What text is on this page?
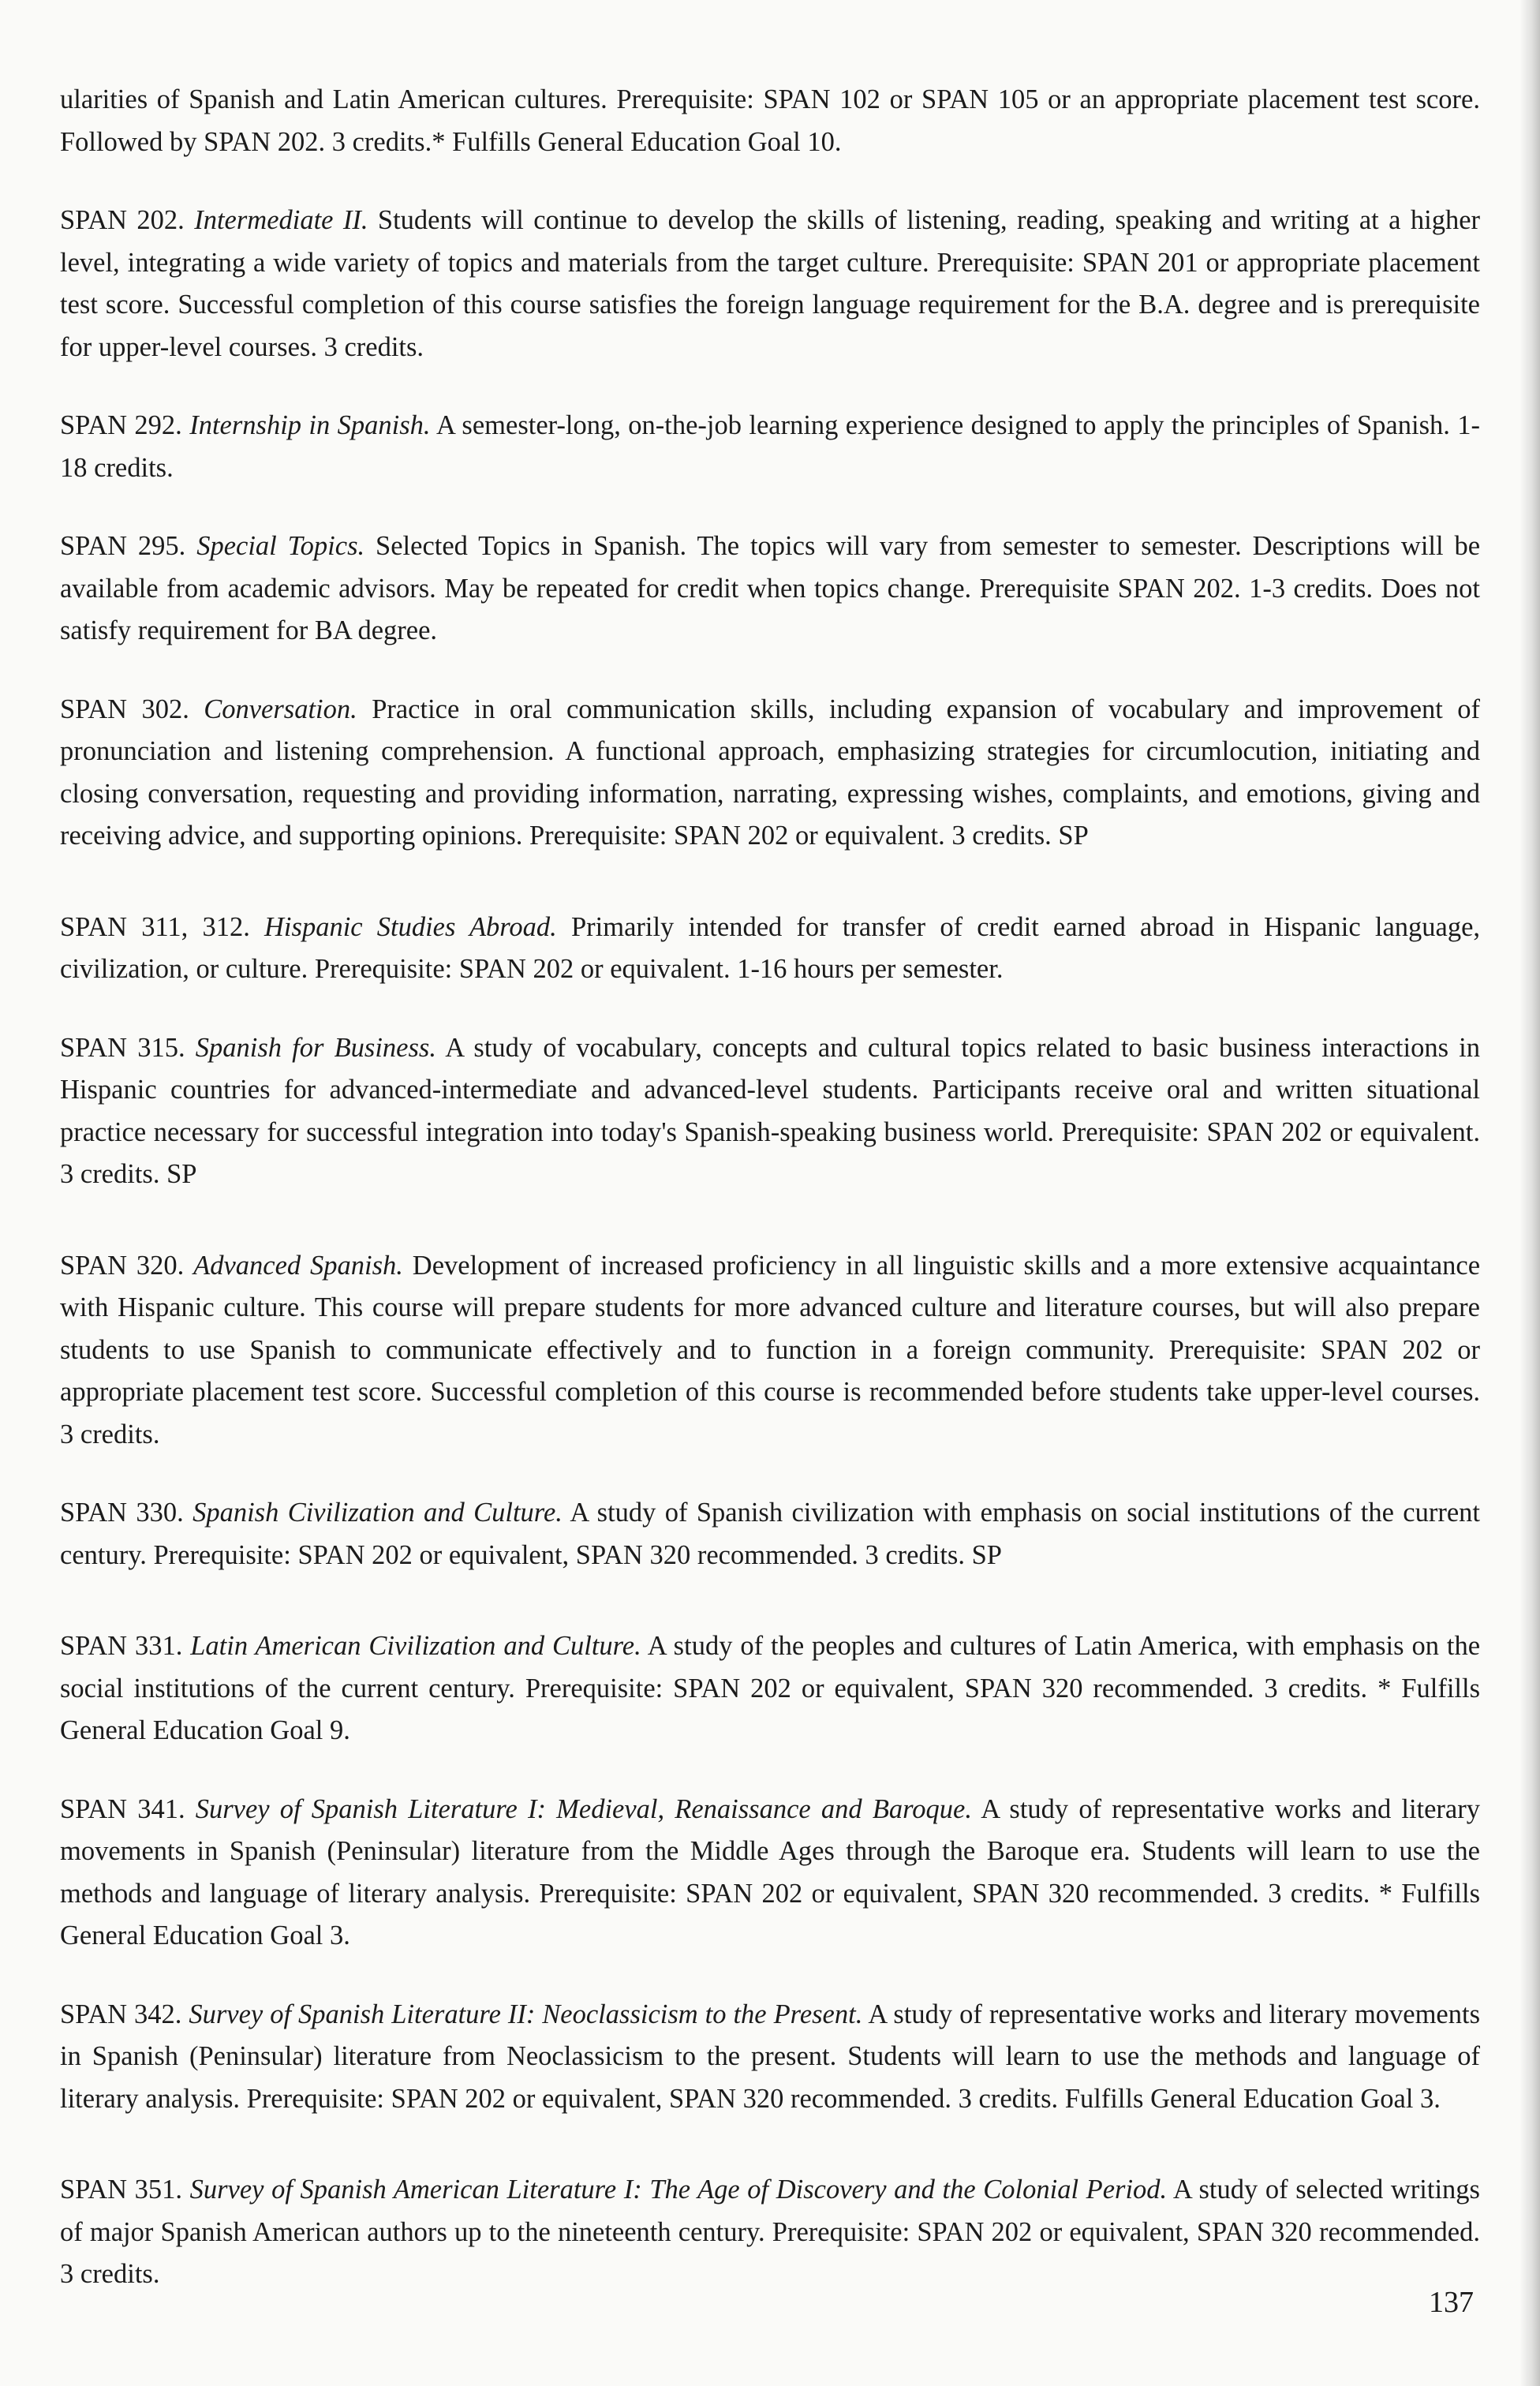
ularities of Spanish and Latin American cultures. Prerequisite: SPAN 102 or SPAN 105 or an appropriate placement test score. Followed by SPAN 202. 3 credits.* Fulfills General Education Goal 10.

SPAN 202. Intermediate II. Students will continue to develop the skills of listening, reading, speaking and writing at a higher level, integrating a wide variety of topics and materials from the target culture. Prerequisite: SPAN 201 or appropriate placement test score. Successful completion of this course satisfies the foreign language requirement for the B.A. degree and is prerequisite for upper-level courses. 3 credits.

SPAN 292. Internship in Spanish. A semester-long, on-the-job learning experience designed to apply the principles of Spanish. 1-18 credits.

SPAN 295. Special Topics. Selected Topics in Spanish. The topics will vary from semester to semester. Descriptions will be available from academic advisors. May be repeated for credit when topics change. Prerequisite SPAN 202. 1-3 credits. Does not satisfy requirement for BA degree.

SPAN 302. Conversation. Practice in oral communication skills, including expansion of vocabulary and improvement of pronunciation and listening comprehension. A functional approach, emphasizing strategies for circumlocution, initiating and closing conversation, requesting and providing information, narrating, expressing wishes, complaints, and emotions, giving and receiving advice, and supporting opinions. Prerequisite: SPAN 202 or equivalent. 3 credits. SP

SPAN 311, 312. Hispanic Studies Abroad. Primarily intended for transfer of credit earned abroad in Hispanic language, civilization, or culture. Prerequisite: SPAN 202 or equivalent. 1-16 hours per semester.

SPAN 315. Spanish for Business. A study of vocabulary, concepts and cultural topics related to basic business interactions in Hispanic countries for advanced-intermediate and advanced-level students. Participants receive oral and written situational practice necessary for successful integration into today's Spanish-speaking business world. Prerequisite: SPAN 202 or equivalent. 3 credits. SP

SPAN 320. Advanced Spanish. Development of increased proficiency in all linguistic skills and a more extensive acquaintance with Hispanic culture. This course will prepare students for more advanced culture and literature courses, but will also prepare students to use Spanish to communicate effectively and to function in a foreign community. Prerequisite: SPAN 202 or appropriate placement test score. Successful completion of this course is recommended before students take upper-level courses. 3 credits.

SPAN 330. Spanish Civilization and Culture. A study of Spanish civilization with emphasis on social institutions of the current century. Prerequisite: SPAN 202 or equivalent, SPAN 320 recommended. 3 credits. SP

SPAN 331. Latin American Civilization and Culture. A study of the peoples and cultures of Latin America, with emphasis on the social institutions of the current century. Prerequisite: SPAN 202 or equivalent, SPAN 320 recommended. 3 credits. * Fulfills General Education Goal 9.

SPAN 341. Survey of Spanish Literature I: Medieval, Renaissance and Baroque. A study of representative works and literary movements in Spanish (Peninsular) literature from the Middle Ages through the Baroque era. Students will learn to use the methods and language of literary analysis. Prerequisite: SPAN 202 or equivalent, SPAN 320 recommended. 3 credits. * Fulfills General Education Goal 3.

SPAN 342. Survey of Spanish Literature II: Neoclassicism to the Present. A study of representative works and literary movements in Spanish (Peninsular) literature from Neoclassicism to the present. Students will learn to use the methods and language of literary analysis. Prerequisite: SPAN 202 or equivalent, SPAN 320 recommended. 3 credits. Fulfills General Education Goal 3.

SPAN 351. Survey of Spanish American Literature I: The Age of Discovery and the Colonial Period. A study of selected writings of major Spanish American authors up to the nineteenth century. Prerequisite: SPAN 202 or equivalent, SPAN 320 recommended. 3 credits.

137
